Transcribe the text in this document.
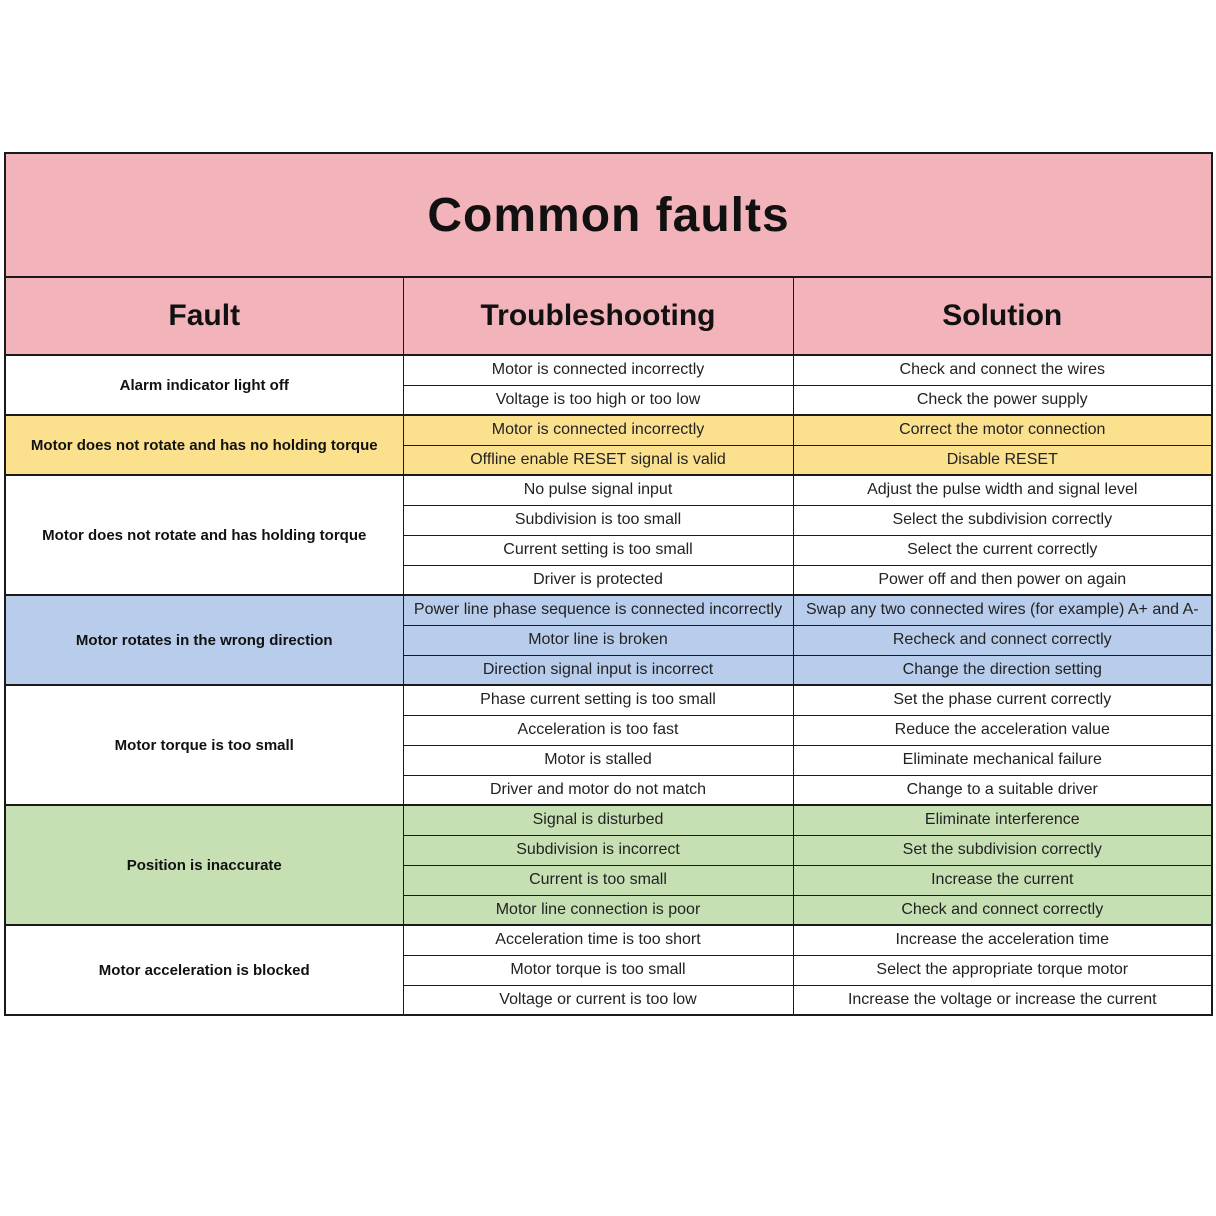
Common faults		
Fault	Troubleshooting	Solution
Alarm indicator light off	Motor is connected incorrectly	Check and connect the wires
	Voltage is too high or too low	Check the power supply
Motor does not rotate and has no holding torque	Motor is connected incorrectly	Correct the motor connection
	Offline enable RESET signal is valid	Disable RESET
Motor does not rotate and has holding torque	No pulse signal input	Adjust the pulse width and signal level
	Subdivision is too small	Select the subdivision correctly
	Current setting is too small	Select the current correctly
	Driver is protected	Power off and then power on again
Motor rotates in the wrong direction	Power line phase sequence is connected incorrectly	Swap any two connected wires (for example) A+ and A-
	Motor line is broken	Recheck and connect correctly
	Direction signal input is incorrect	Change the direction setting
Motor torque is too small	Phase current setting is too small	Set the phase current correctly
	Acceleration is too fast	Reduce the acceleration value
	Motor is stalled	Eliminate mechanical failure
	Driver and motor do not match	Change to a suitable driver
Position is inaccurate	Signal is disturbed	Eliminate interference
	Subdivision is incorrect	Set the subdivision correctly
	Current is too small	Increase the current
	Motor line connection is poor	Check and connect correctly
Motor acceleration is blocked	Acceleration time is too short	Increase the acceleration time
	Motor torque is too small	Select the appropriate torque motor
	Voltage or current is too low	Increase the voltage or increase the current
